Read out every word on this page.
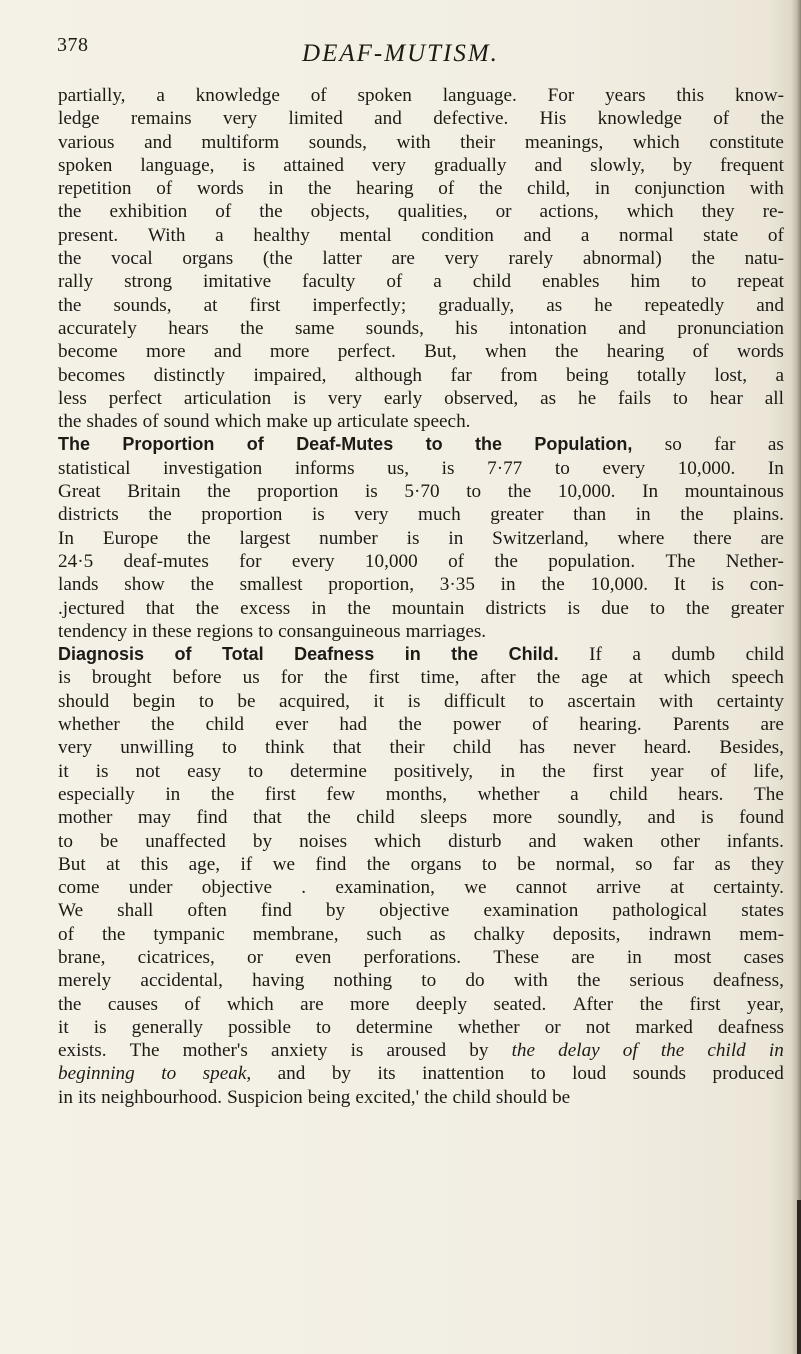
378	DEAF-MUTISM.
partially, a knowledge of spoken language. For years this know-
ledge remains very limited and defective. His knowledge of the
various and multiform sounds, with their meanings, which constitute
spoken language, is attained very gradually and slowly, by frequent
repetition of words in the hearing of the child, in conjunction with
the exhibition of the objects, qualities, or actions, which they re-
present. With a healthy mental condition and a normal state of
the vocal organs (the latter are very rarely abnormal) the natu-
rally strong imitative faculty of a child enables him to repeat
the sounds, at first imperfectly; gradually, as he repeatedly and
accurately hears the same sounds, his intonation and pronunciation
become more and more perfect. But, when the hearing of words
becomes distinctly impaired, although far from being totally lost, a
less perfect articulation is very early observed, as he fails to hear all
the shades of sound which make up articulate speech.
The Proportion of Deaf-Mutes to the Population, so far as
statistical investigation informs us, is 7·77 to every 10,000. In
Great Britain the proportion is 5·70 to the 10,000. In mountainous
districts the proportion is very much greater than in the plains.
In Europe the largest number is in Switzerland, where there are
24·5 deaf-mutes for every 10,000 of the population. The Nether-
lands show the smallest proportion, 3·35 in the 10,000. It is con-
.jectured that the excess in the mountain districts is due to the greater
tendency in these regions to consanguineous marriages.
Diagnosis of Total Deafness in the Child. If a dumb child
is brought before us for the first time, after the age at which speech
should begin to be acquired, it is difficult to ascertain with certainty
whether the child ever had the power of hearing. Parents are
very unwilling to think that their child has never heard. Besides,
it is not easy to determine positively, in the first year of life,
especially in the first few months, whether a child hears. The
mother may find that the child sleeps more soundly, and is found
to be unaffected by noises which disturb and waken other infants.
But at this age, if we find the organs to be normal, so far as they
come under objective . examination, we cannot arrive at certainty.
We shall often find by objective examination pathological states
of the tympanic membrane, such as chalky deposits, indrawn mem-
brane, cicatrices, or even perforations. These are in most cases
merely accidental, having nothing to do with the serious deafness,
the causes of which are more deeply seated. After the first year,
it is generally possible to determine whether or not marked deafness
exists. The mother's anxiety is aroused by the delay of the child in
beginning to speak, and by its inattention to loud sounds produced
in its neighbourhood. Suspicion being excited,' the child should be
